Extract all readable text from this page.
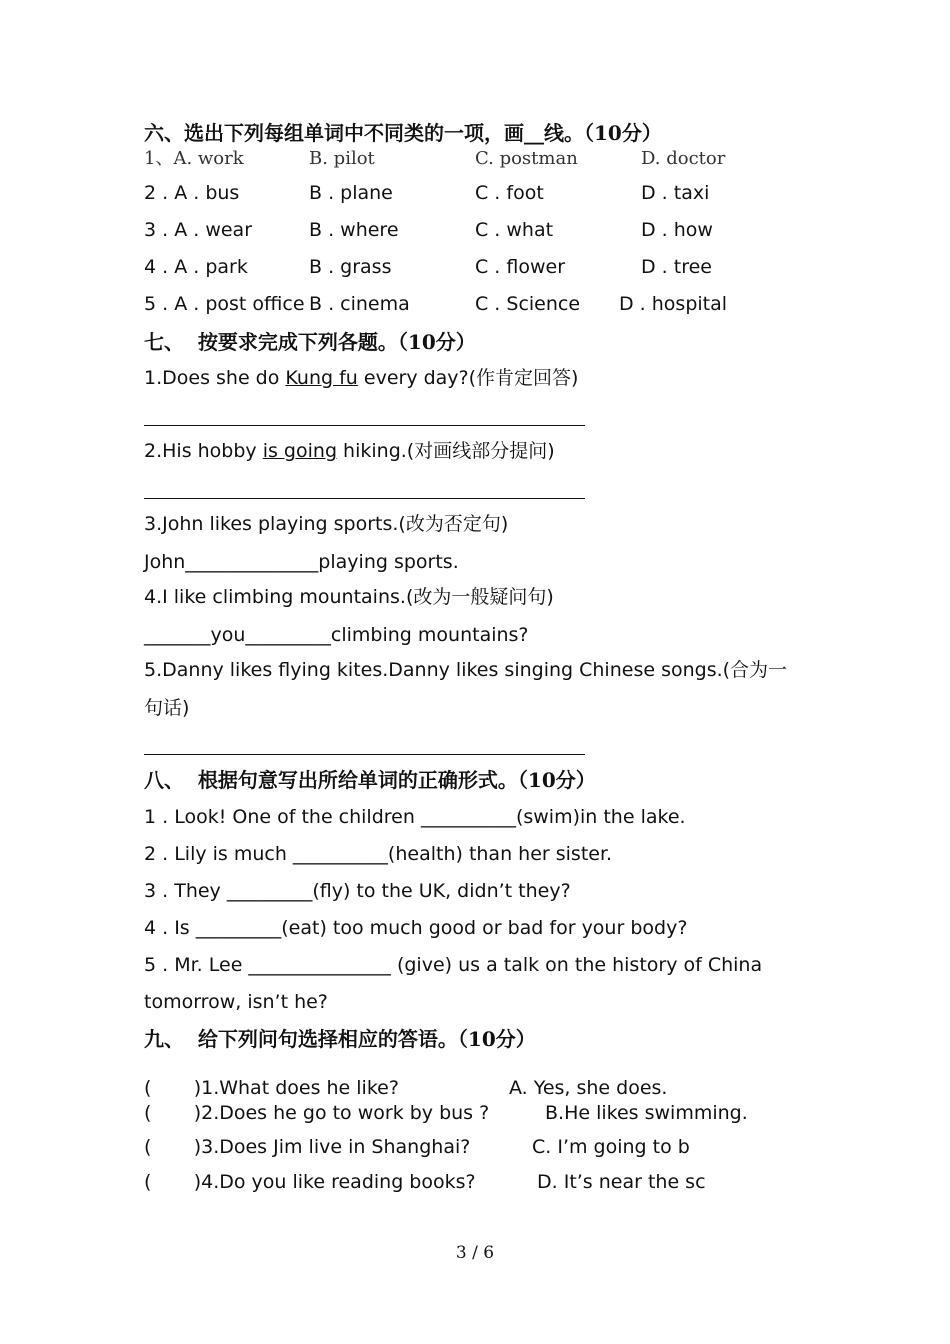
六、选出下列每组单词中不同类的一项，画__线。（10分）
1、A. work	B. pilot	C. postman	D. doctor
2 . A . bus	B . plane	C . foot	D . taxi
3 . A . wear	B . where	C . what	D . how
4 . A . park	B . grass	C . flower	D . tree
5 . A . post office B . cinema	C . Science D . hospital
七、  按要求完成下列各题。（10分）
1.Does she do Kung fu every day?(作肯定回答)
2.His hobby is going hiking.(对画线部分提问)
3.John likes playing sports.(改为否定句)
John______________playing sports.
4.I like climbing mountains.(改为一般疑问句)
_______you_________climbing mountains?
5.Danny likes flying kites.Danny likes singing Chinese songs.(合为一
句话)
八、  根据句意写出所给单词的正确形式。（10分）
1 . Look! One of the children __________(swim)in the lake.
2 . Lily is much __________(health) than her sister.
3 . They _________(fly) to the UK, didn’t they?
4 . Is _________(eat) too much good or bad for your body?
5 . Mr. Lee _______________ (give) us a talk on the history of China
tomorrow, isn’t he?
九、  给下列问句选择相应的答语。（10分）
(       )1.What does he like?	A. Yes, she does.
(       )2.Does he go to work by bus ?	B.He likes swimming.
(       )3.Does Jim live in Shanghai?	C. I’m going to b
(       )4.Do you like reading books?	D. It’s near the sc
3 / 6
